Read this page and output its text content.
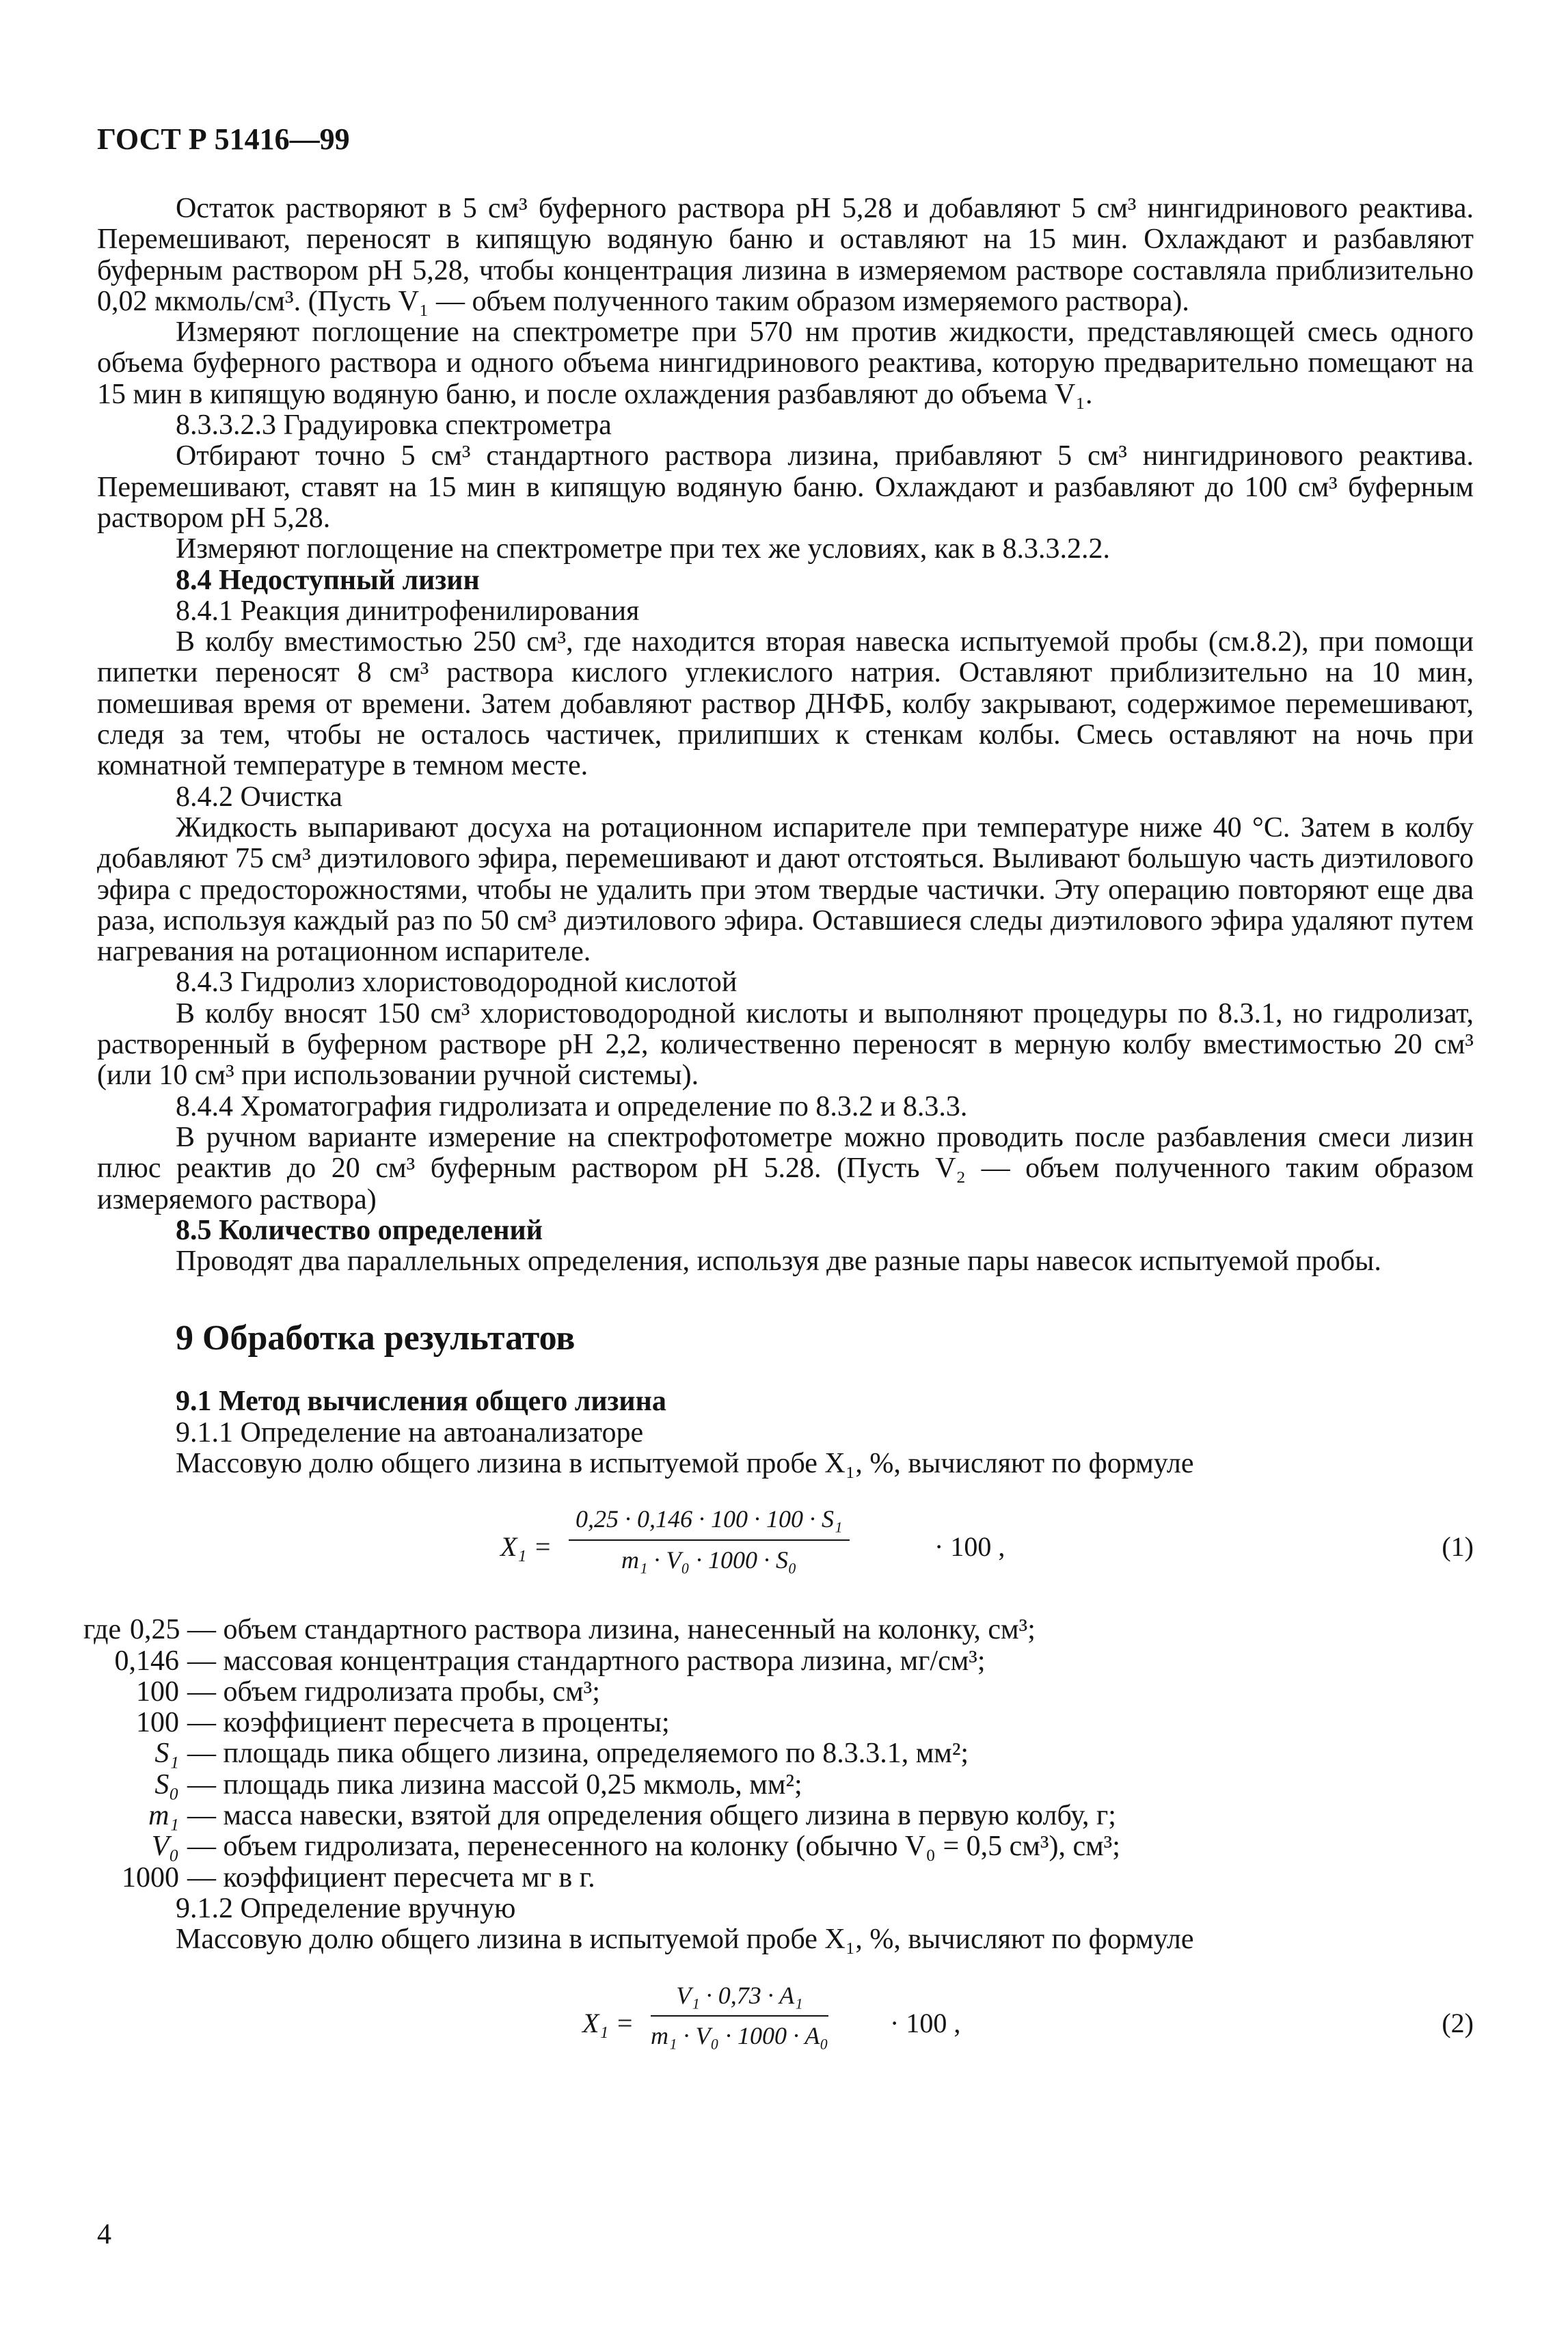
ГОСТ Р 51416—99

Остаток растворяют в 5 см³ буферного раствора pH 5,28 и добавляют 5 см³ нингидринового реактива. Перемешивают, переносят в кипящую водяную баню и оставляют на 15 мин. Охлаждают и разбавляют буферным раствором pH 5,28, чтобы концентрация лизина в измеряемом растворе составляла приблизительно 0,02 мкмоль/см³. (Пусть V₁ — объем полученного таким образом измеряемого раствора).

Измеряют поглощение на спектрометре при 570 нм против жидкости, представляющей смесь одного объема буферного раствора и одного объема нингидринового реактива, которую предварительно помещают на 15 мин в кипящую водяную баню, и после охлаждения разбавляют до объема V₁.

8.3.3.2.3 Градуировка спектрометра

Отбирают точно 5 см³ стандартного раствора лизина, прибавляют 5 см³ нингидринового реактива. Перемешивают, ставят на 15 мин в кипящую водяную баню. Охлаждают и разбавляют до 100 см³ буферным раствором pH 5,28.

Измеряют поглощение на спектрометре при тех же условиях, как в 8.3.3.2.2.

8.4 Недоступный лизин

8.4.1 Реакция динитрофенилирования

В колбу вместимостью 250 см³, где находится вторая навеска испытуемой пробы (см.8.2), при помощи пипетки переносят 8 см³ раствора кислого углекислого натрия. Оставляют приблизительно на 10 мин, помешивая время от времени. Затем добавляют раствор ДНФБ, колбу закрывают, содержимое перемешивают, следя за тем, чтобы не осталось частичек, прилипших к стенкам колбы. Смесь оставляют на ночь при комнатной температуре в темном месте.

8.4.2 Очистка

Жидкость выпаривают досуха на ротационном испарителе при температуре ниже 40 °С. Затем в колбу добавляют 75 см³ диэтилового эфира, перемешивают и дают отстояться. Выливают большую часть диэтилового эфира с предосторожностями, чтобы не удалить при этом твердые частички. Эту операцию повторяют еще два раза, используя каждый раз по 50 см³ диэтилового эфира. Оставшиеся следы диэтилового эфира удаляют путем нагревания на ротационном испарителе.

8.4.3 Гидролиз хлористоводородной кислотой

В колбу вносят 150 см³ хлористоводородной кислоты и выполняют процедуры по 8.3.1, но гидролизат, растворенный в буферном растворе pH 2,2, количественно переносят в мерную колбу вместимостью 20 см³ (или 10 см³ при использовании ручной системы).

8.4.4 Хроматография гидролизата и определение по 8.3.2 и 8.3.3.

В ручном варианте измерение на спектрофотометре можно проводить после разбавления смеси лизин плюс реактив до 20 см³ буферным раствором pH 5.28. (Пусть V₂ — объем полученного таким образом измеряемого раствора)

8.5 Количество определений

Проводят два параллельных определения, используя две разные пары навесок испытуемой пробы.

9 Обработка результатов

9.1 Метод вычисления общего лизина

9.1.1 Определение на автоанализаторе

Массовую долю общего лизина в испытуемой пробе X₁, %, вычисляют по формуле

$X_1 = \frac{\text{0,25 · 0,146 · 100 · 100 · S₁}}{\text{m₁ · V₀ · 1000 · S₀}}$	· 100 ,	(1)
где 0,25 — объем стандартного раствора лизина, нанесенный на колонку, см³;
0,146 — массовая концентрация стандартного раствора лизина, мг/см³;
100 — объем гидролизата пробы, см³;
100 — коэффициент пересчета в проценты;
S₁ — площадь пика общего лизина, определяемого по 8.3.3.1, мм²;
S₀ — площадь пика лизина массой 0,25 мкмоль, мм²;
m₁ — масса навески, взятой для определения общего лизина в первую колбу, г;
V₀ — объем гидролизата, перенесенного на колонку (обычно V₀ = 0,5 см³), см³;
1000 — коэффициент пересчета мг в г.

9.1.2 Определение вручную

Массовую долю общего лизина в испытуемой пробе X₁, %, вычисляют по формуле

$X_1 = \frac{\text{V₁ · 0,73 · A₁}}{\text{m₁ · V₀ · 1000 · A₀}} \cdot 100$ ,	(2)
4
